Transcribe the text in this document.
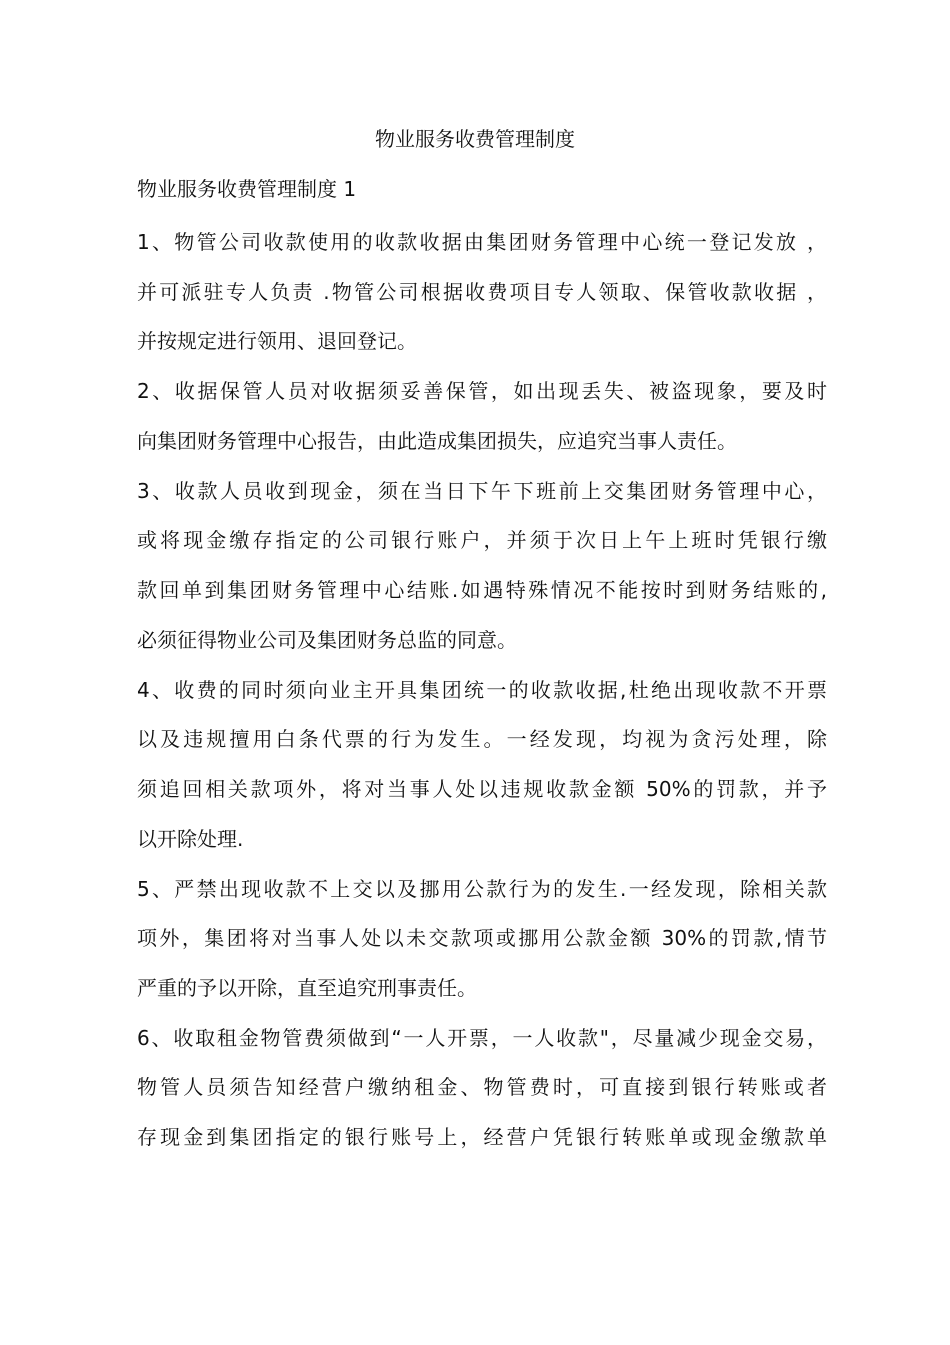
物业服务收费管理制度
物业服务收费管理制度 1
1、物管公司收款使用的收款收据由集团财务管理中心统一登记发放 ，
并可派驻专人负责 .物管公司根据收费项目专人领取、保管收款收据 ，
并按规定进行领用、退回登记。
2、收据保管人员对收据须妥善保管，如出现丢失、被盗现象，要及时
向集团财务管理中心报告，由此造成集团损失，应追究当事人责任。
3、收款人员收到现金，须在当日下午下班前上交集团财务管理中心，
或将现金缴存指定的公司银行账户，并须于次日上午上班时凭银行缴
款回单到集团财务管理中心结账.如遇特殊情况不能按时到财务结账的,
必须征得物业公司及集团财务总监的同意。
4、收费的同时须向业主开具集团统一的收款收据,杜绝出现收款不开票
以及违规擅用白条代票的行为发生。一经发现，均视为贪污处理，除
须追回相关款项外，将对当事人处以违规收款金额 50%的罚款，并予
以开除处理.
5、严禁出现收款不上交以及挪用公款行为的发生.一经发现，除相关款
项外，集团将对当事人处以未交款项或挪用公款金额 30%的罚款,情节
严重的予以开除，直至追究刑事责任。
6、收取租金物管费须做到“一人开票，一人收款"，尽量减少现金交易，
物管人员须告知经营户缴纳租金、物管费时，可直接到银行转账或者
存现金到集团指定的银行账号上，经营户凭银行转账单或现金缴款单
